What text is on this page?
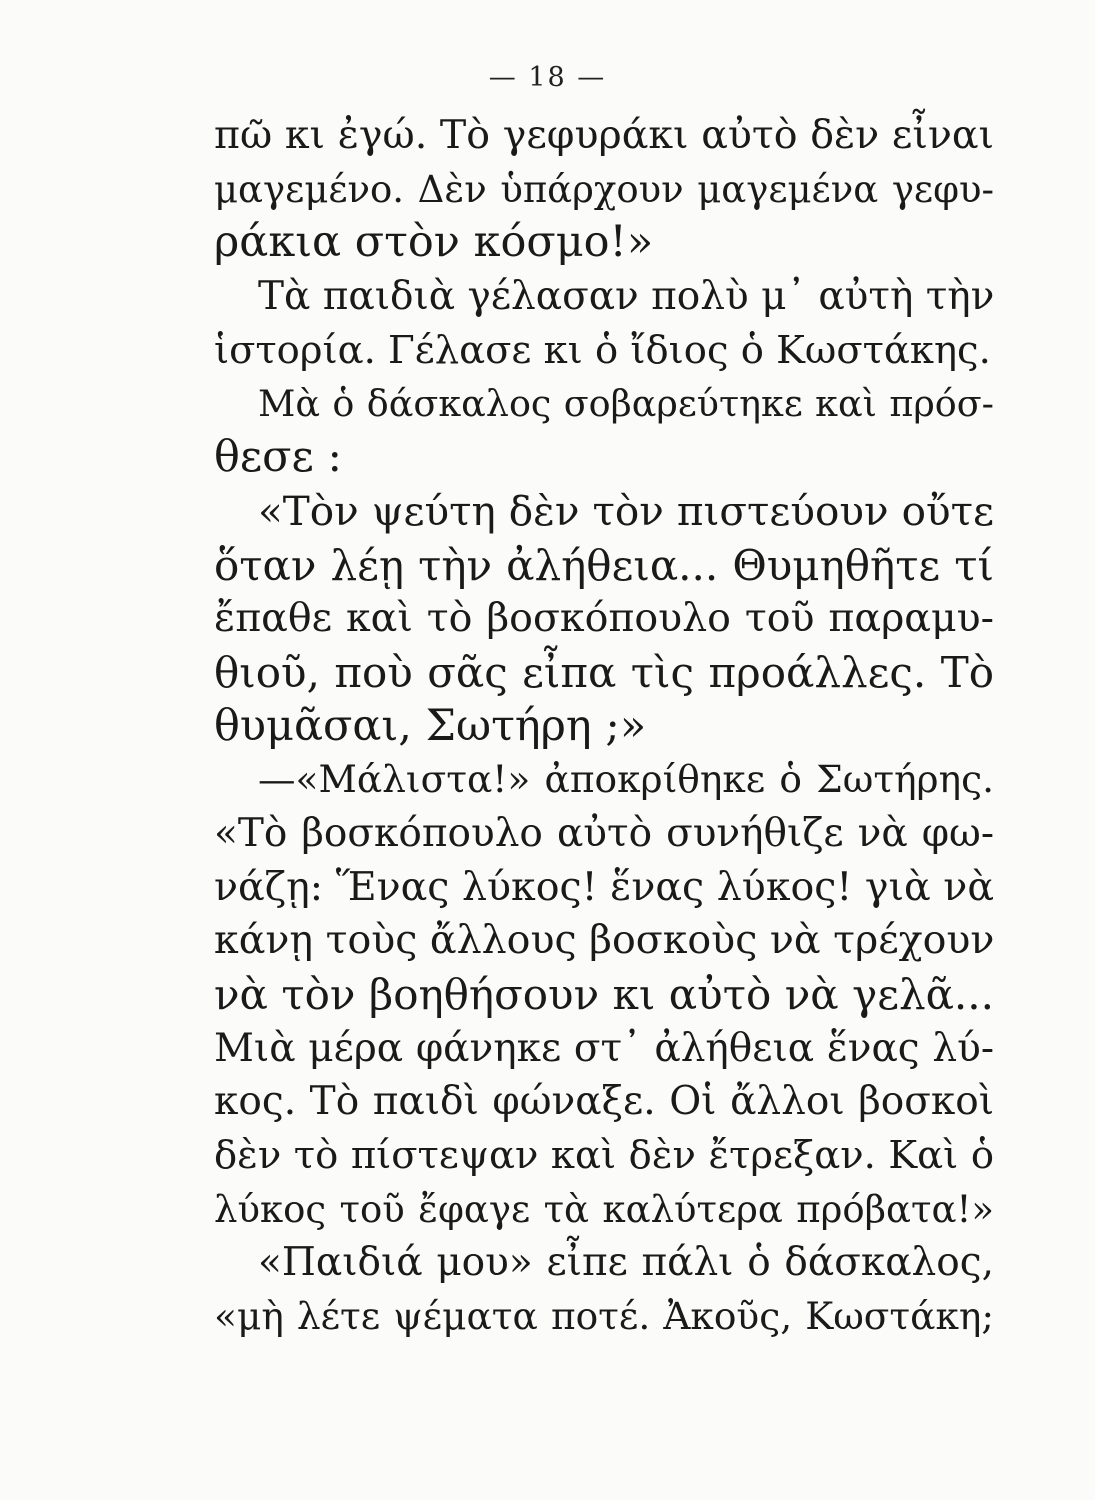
— 18 —
πῶ κι ἐγώ. Τὸ γεφυράκι αὐτὸ δὲν εἶναι
μαγεμένο. Δὲν ὑπάρχουν μαγεμένα γεφυ-
ράκια στὸν κόσμο!»
Τὰ παιδιὰ γέλασαν πολὺ μ᾽ αὐτὴ τὴν
ἱστορία. Γέλασε κι ὁ ἴδιος ὁ Κωστάκης.
Μὰ ὁ δάσκαλος σοβαρεύτηκε καὶ πρόσ-
θεσε :
«Τὸν ψεύτη δὲν τὸν πιστεύουν οὔτε
ὅταν λέῃ τὴν ἀλήθεια... Θυμηθῆτε τί
ἔπαθε καὶ τὸ βοσκόπουλο τοῦ παραμυ-
θιοῦ, ποὺ σᾶς εἶπα τὶς προάλλες. Τὸ
θυμᾶσαι, Σωτήρη ;»
—«Μάλιστα!» ἀποκρίθηκε ὁ Σωτήρης.
«Τὸ βοσκόπουλο αὐτὸ συνήθιζε νὰ φω-
νάζῃ: Ἕνας λύκος! ἕνας λύκος! γιὰ νὰ
κάνῃ τοὺς ἄλλους βοσκοὺς νὰ τρέχουν
νὰ τὸν βοηθήσουν κι αὐτὸ νὰ γελᾶ...
Μιὰ μέρα φάνηκε στ᾽ ἀλήθεια ἕνας λύ-
κος. Τὸ παιδὶ φώναξε. Οἱ ἄλλοι βοσκοὶ
δὲν τὸ πίστεψαν καὶ δὲν ἔτρεξαν. Καὶ ὁ
λύκος τοῦ ἔφαγε τὰ καλύτερα πρόβατα!»
«Παιδιά μου» εἶπε πάλι ὁ δάσκαλος,
«μὴ λέτε ψέματα ποτέ. Ἀκοῦς, Κωστάκη;
